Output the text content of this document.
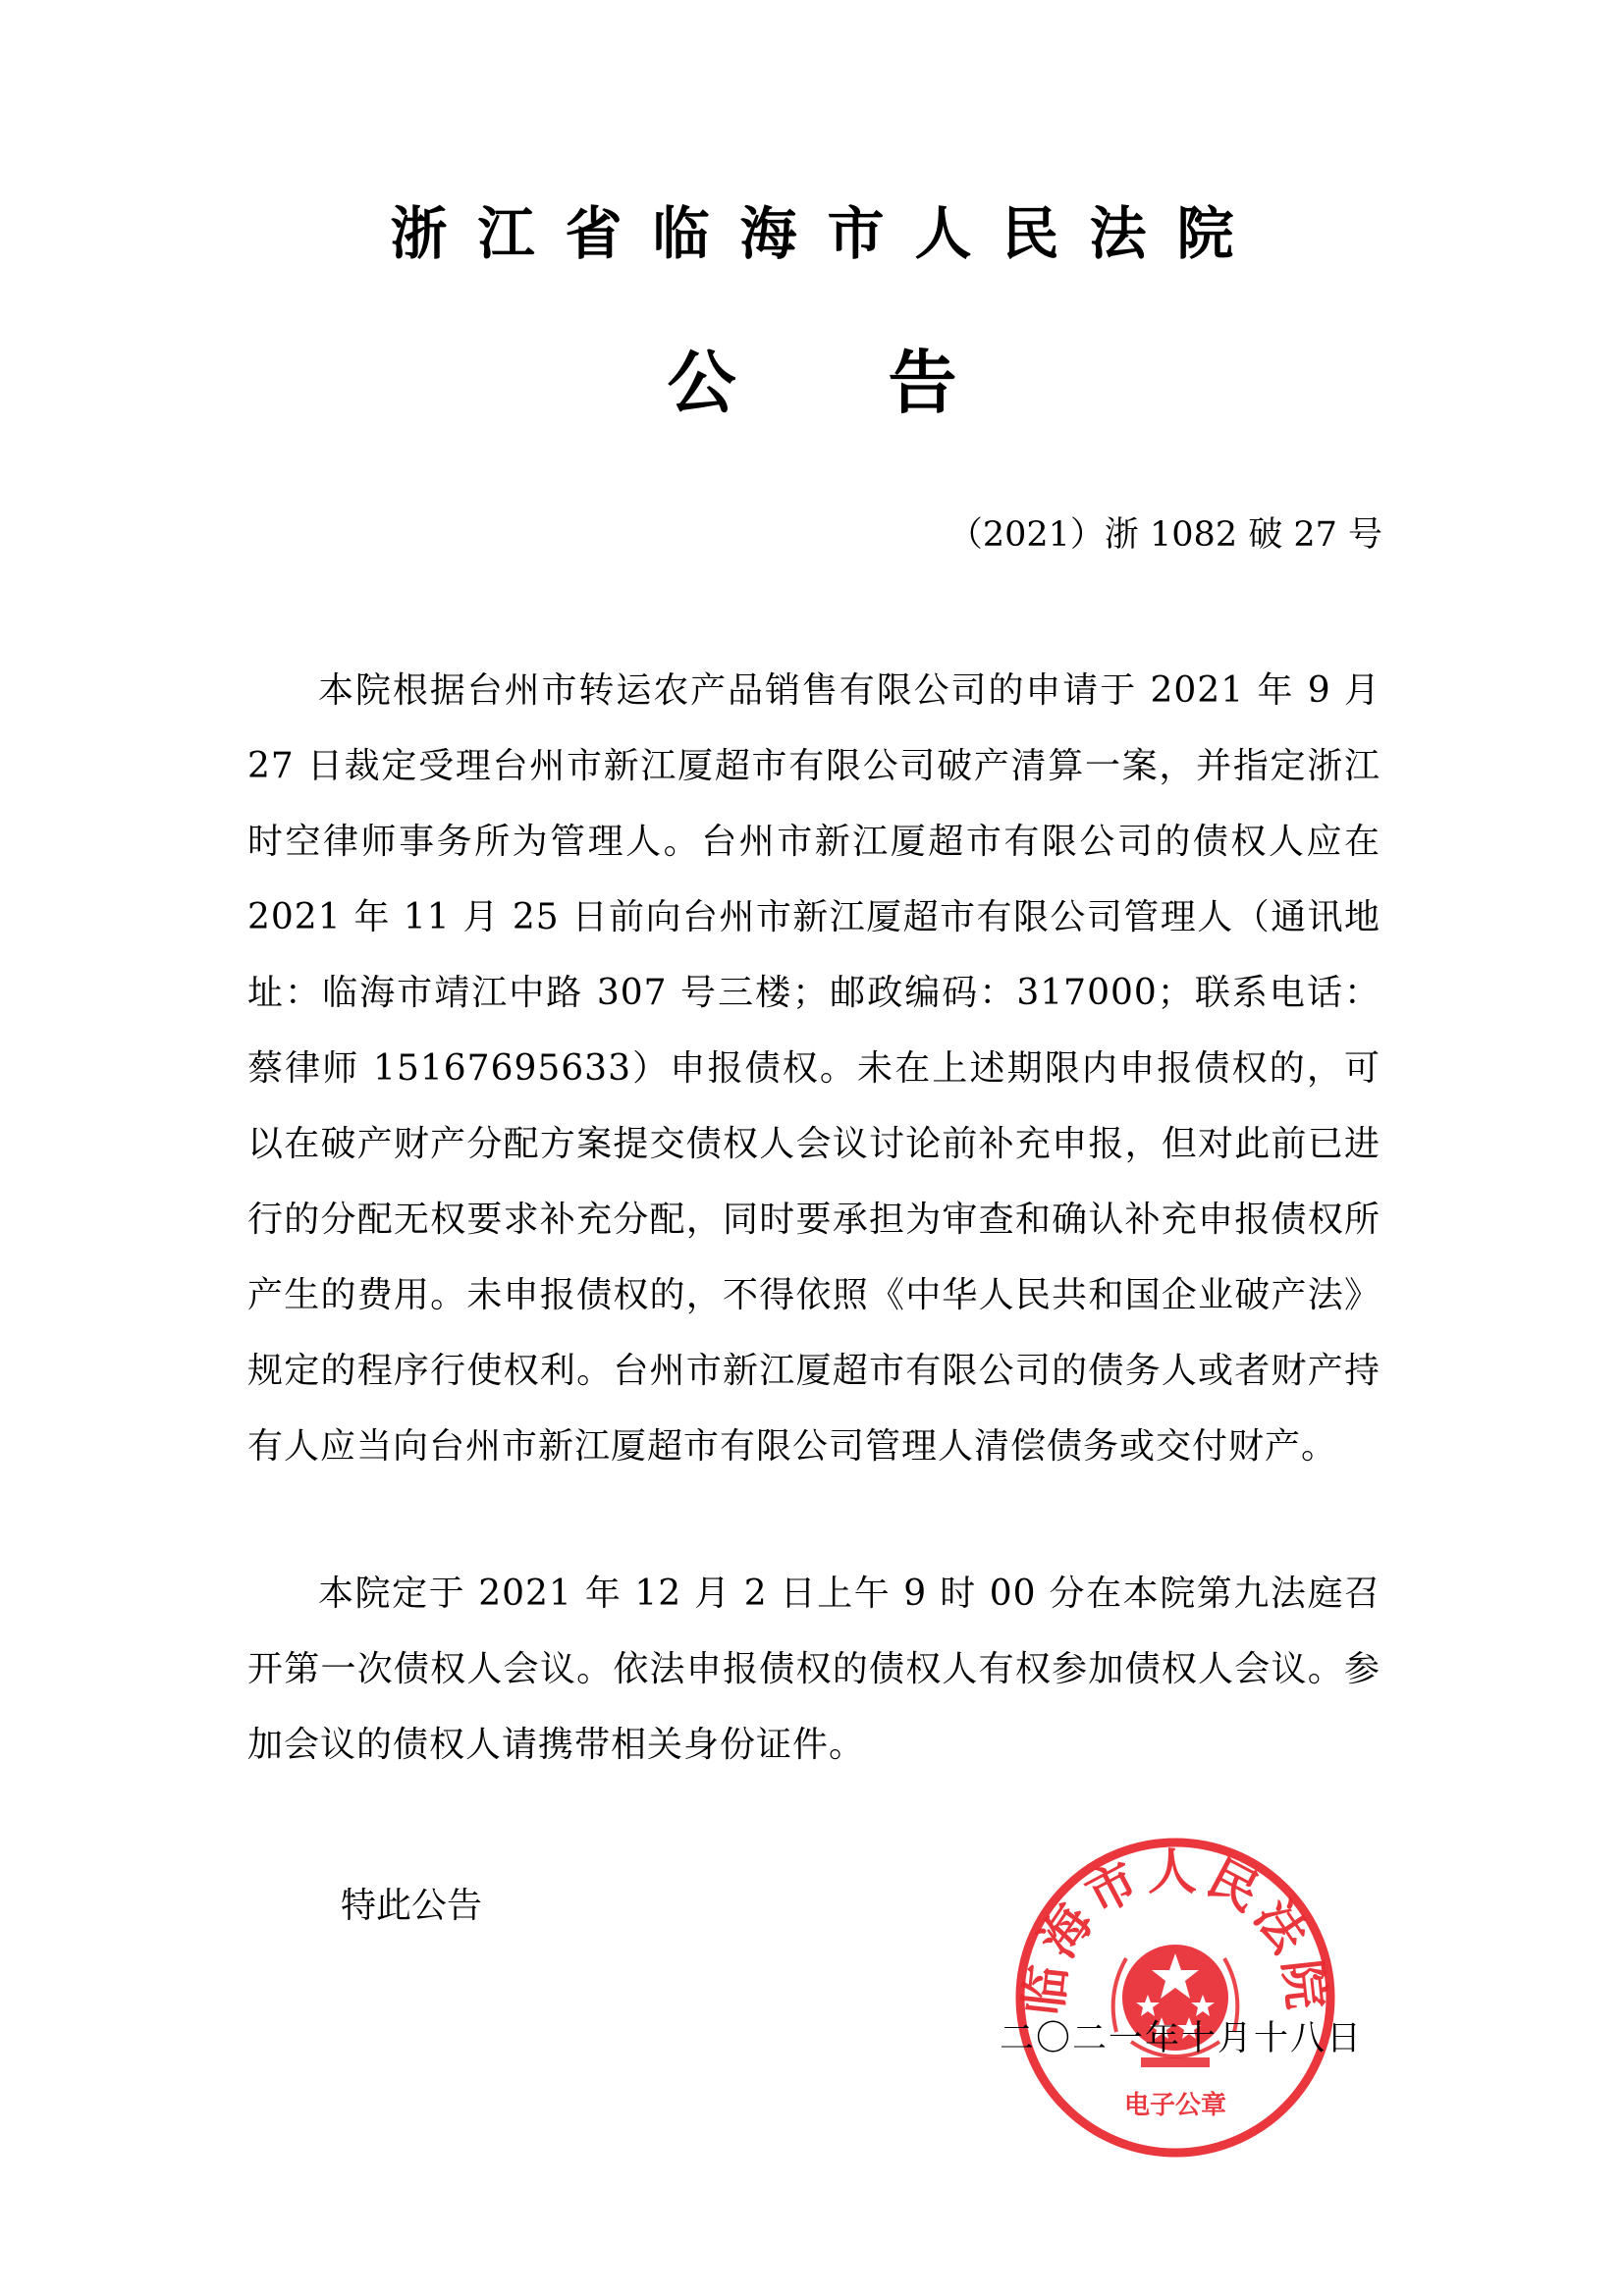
浙江省临海市人民法院
公告
（2021）浙 1082 破 27 号

本院根据台州市转运农产品销售有限公司的申请于 2021 年 9 月 27 日裁定受理台州市新江厦超市有限公司破产清算一案，并指定浙江时空律师事务所为管理人。台州市新江厦超市有限公司的债权人应在 2021 年 11 月 25 日前向台州市新江厦超市有限公司管理人（通讯地址：临海市靖江中路 307 号三楼；邮政编码：317000；联系电话：蔡律师 15167695633）申报债权。未在上述期限内申报债权的，可以在破产财产分配方案提交债权人会议讨论前补充申报，但对此前已进行的分配无权要求补充分配，同时要承担为审查和确认补充申报债权所产生的费用。未申报债权的，不得依照《中华人民共和国企业破产法》规定的程序行使权利。台州市新江厦超市有限公司的债务人或者财产持有人应当向台州市新江厦超市有限公司管理人清偿债务或交付财产。

本院定于 2021 年 12 月 2 日上午 9 时 00 分在本院第九法庭召开第一次债权人会议。依法申报债权的债权人有权参加债权人会议。参加会议的债权人请携带相关身份证件。

特此公告
临海市人民法院
电子公章
二〇二一年十月十八日
